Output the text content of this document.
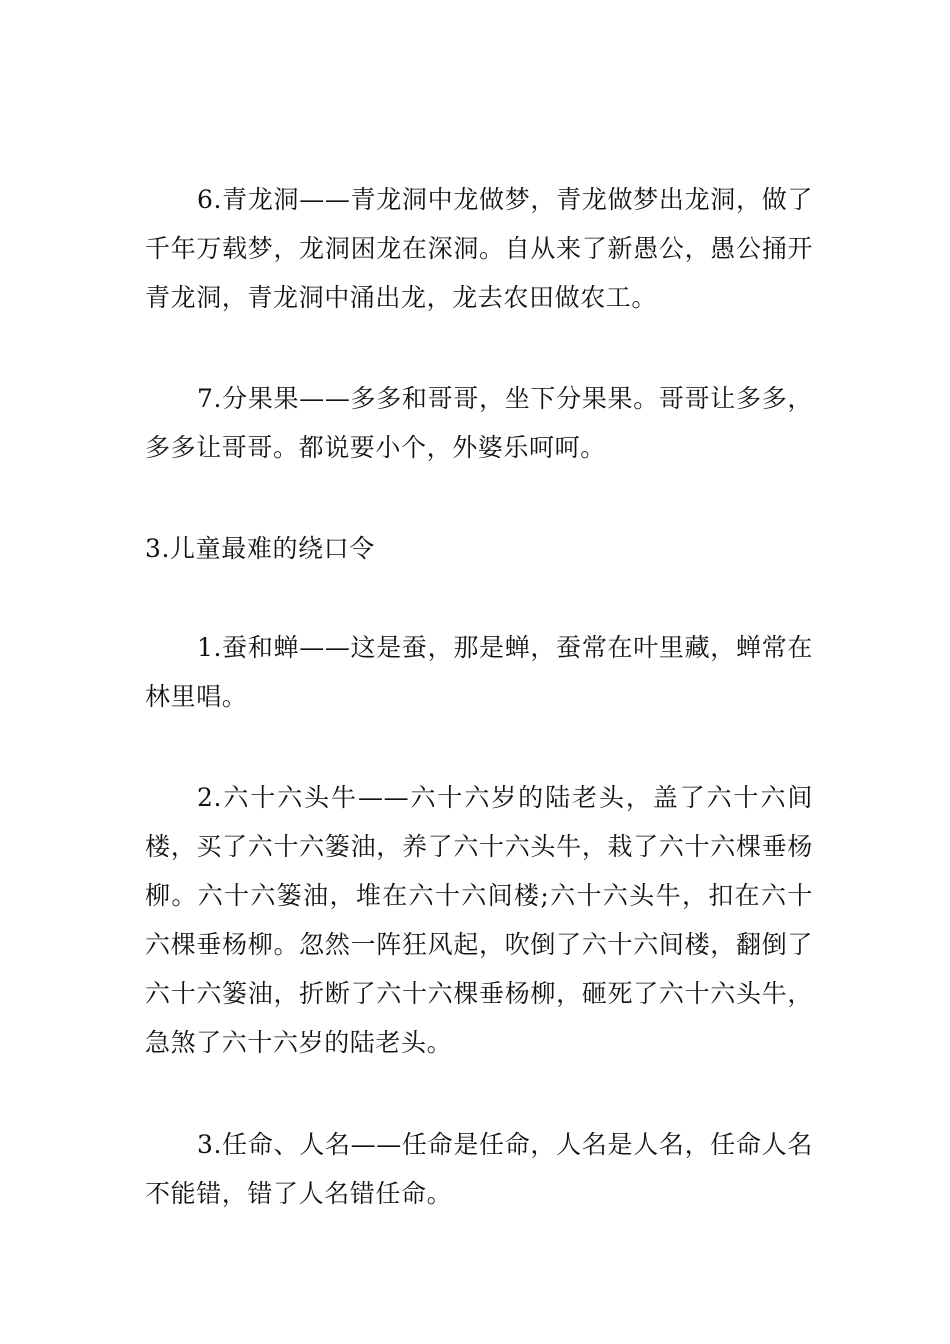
6.青龙洞——青龙洞中龙做梦，青龙做梦出龙洞，做了千年万载梦，龙洞困龙在深洞。自从来了新愚公，愚公捅开青龙洞，青龙洞中涌出龙，龙去农田做农工。

7.分果果——多多和哥哥，坐下分果果。哥哥让多多，多多让哥哥。都说要小个，外婆乐呵呵。

3.儿童最难的绕口令

1.蚕和蝉——这是蚕，那是蝉，蚕常在叶里藏，蝉常在林里唱。

2.六十六头牛——六十六岁的陆老头，盖了六十六间楼，买了六十六篓油，养了六十六头牛，栽了六十六棵垂杨柳。六十六篓油，堆在六十六间楼;六十六头牛，扣在六十六棵垂杨柳。忽然一阵狂风起，吹倒了六十六间楼，翻倒了六十六篓油，折断了六十六棵垂杨柳，砸死了六十六头牛，急煞了六十六岁的陆老头。

3.任命、人名——任命是任命，人名是人名，任命人名不能错，错了人名错任命。
